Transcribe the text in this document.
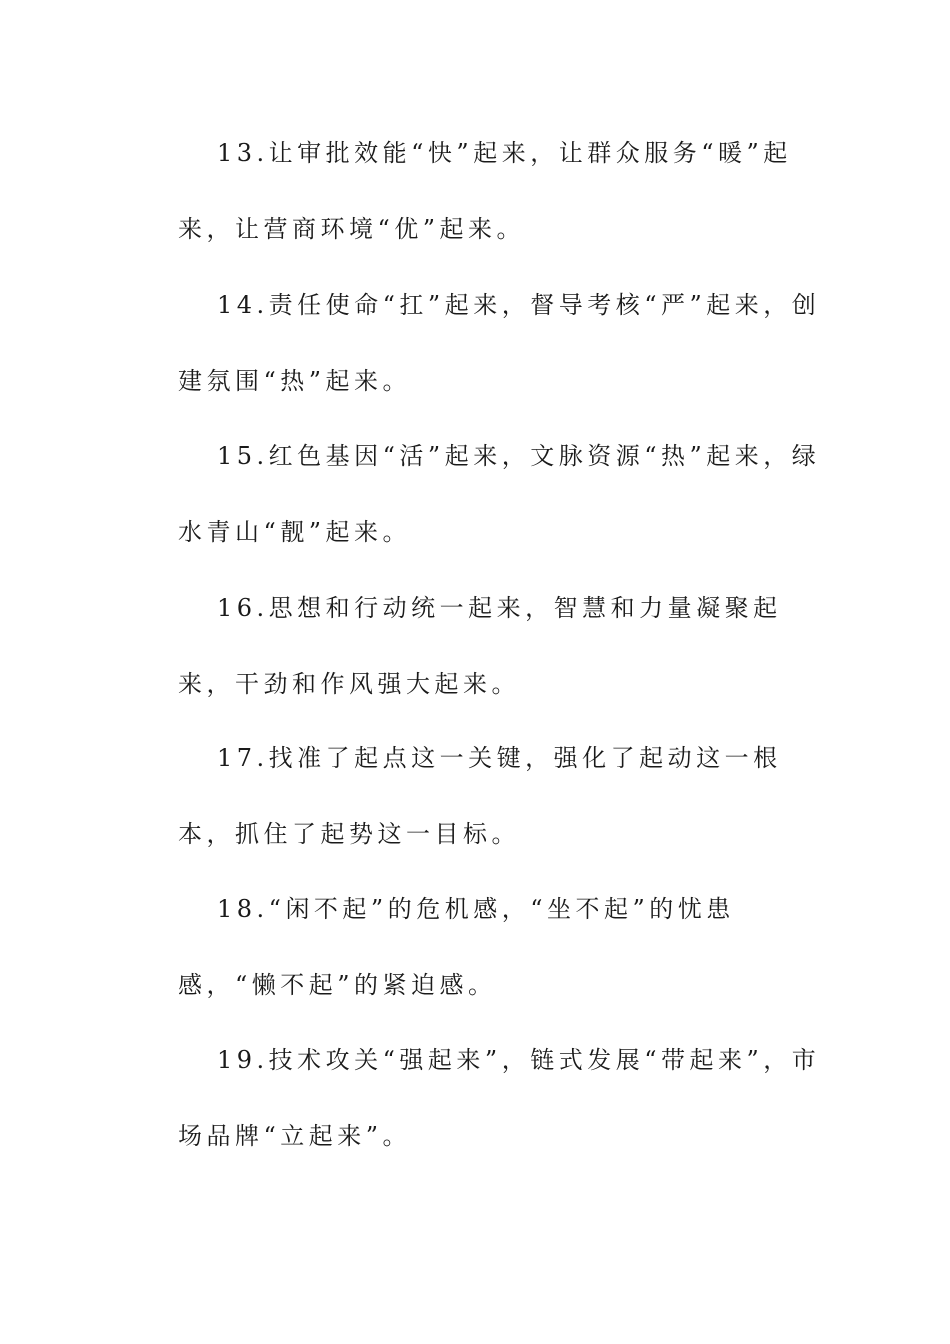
13.让审批效能“快”起来，让群众服务“暖”起来，让营商环境“优”起来。

14.责任使命“扛”起来，督导考核“严”起来，创建氛围“热”起来。

15.红色基因“活”起来，文脉资源“热”起来，绿水青山“靓”起来。

16.思想和行动统一起来，智慧和力量凝聚起来，干劲和作风强大起来。

17.找准了起点这一关键，强化了起动这一根本，抓住了起势这一目标。

18.“闲不起”的危机感，“坐不起”的忧患感，“懒不起”的紧迫感。

19.技术攻关“强起来”，链式发展“带起来”，市场品牌“立起来”。
